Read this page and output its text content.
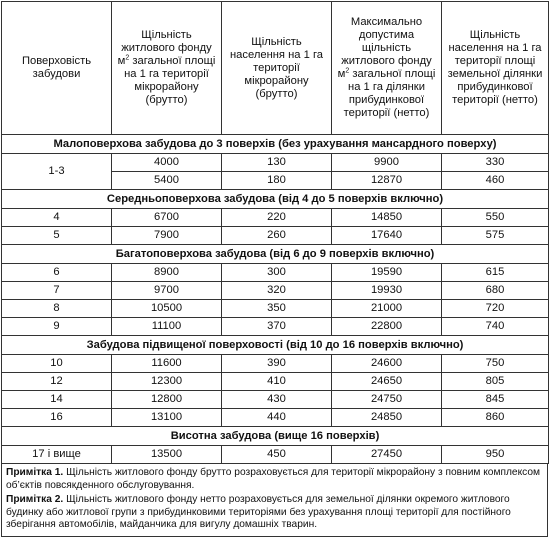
Поверховість забудови	Щільність житлового фонду $м^2$ загальної площі на 1 га території мікрорайону (брутто)	Щільність населення на 1 га території мікрорайону (брутто)	Максимально допустима щільність житлового фонду $м^2$ загальної площі на 1 га ділянки прибудинкової території (нетто)	Щільність населення на 1 га території площі земельної ділянки прибудинкової території (нетто)
Малоповерхова забудова до 3 поверхів (без урахування мансардного поверху)				
1-3	4000	130	9900	330
	5400	180	12870	460
Середньоповерхова забудова (від 4 до 5 поверхів включно)				
4	6700	220	14850	550
5	7900	260	17640	575
Багатоповерхова забудова (від 6 до 9 поверхів включно)				
6	8900	300	19590	615
7	9700	320	19930	680
8	10500	350	21000	720
9	11100	370	22800	740
Забудова підвищеної поверховості (від 10 до 16 поверхів включно)				
10	11600	390	24600	750
12	12300	410	24650	805
14	12800	430	24750	845
16	13100	440	24850	860
Висотна забудова (вище 16 поверхів)				
17 і вище	13500	450	27450	950

Примітка 1. Щільність житлового фонду брутто розраховується для території мікрорайону з повним комплексом об’єктів повсякденного обслуговування.

Примітка 2. Щільність житлового фонду нетто розраховується для земельної ділянки окремого житлового будинку або житлової групи з прибудинковими територіями без урахування площі території для постійного зберігання автомобілів, майданчика для вигулу домашніх тварин.
